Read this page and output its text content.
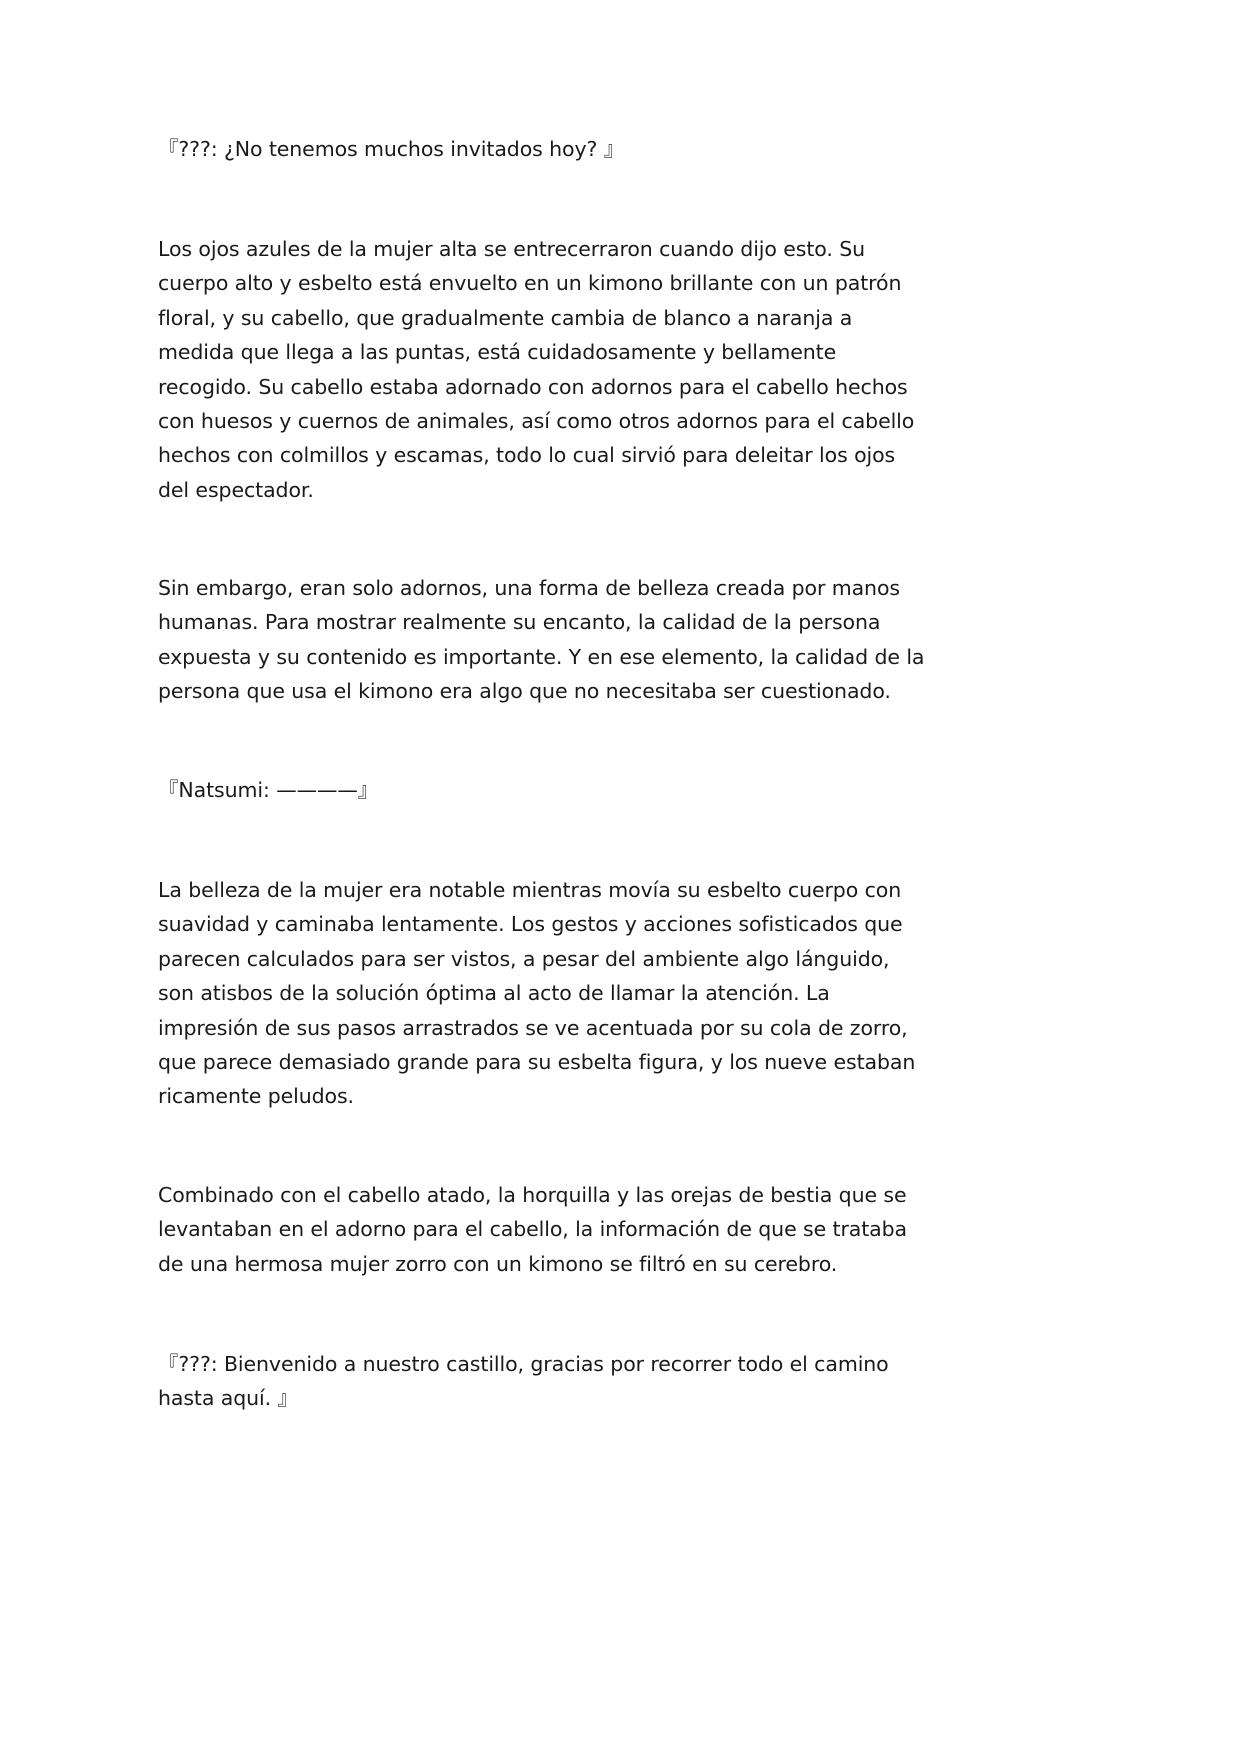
『???: ¿No tenemos muchos invitados hoy? 』

Los ojos azules de la mujer alta se entrecerraron cuando dijo esto. Su
cuerpo alto y esbelto está envuelto en un kimono brillante con un patrón
floral, y su cabello, que gradualmente cambia de blanco a naranja a
medida que llega a las puntas, está cuidadosamente y bellamente
recogido. Su cabello estaba adornado con adornos para el cabello hechos
con huesos y cuernos de animales, así como otros adornos para el cabello
hechos con colmillos y escamas, todo lo cual sirvió para deleitar los ojos
del espectador.

Sin embargo, eran solo adornos, una forma de belleza creada por manos
humanas. Para mostrar realmente su encanto, la calidad de la persona
expuesta y su contenido es importante. Y en ese elemento, la calidad de la
persona que usa el kimono era algo que no necesitaba ser cuestionado.

『Natsumi: ————』

La belleza de la mujer era notable mientras movía su esbelto cuerpo con
suavidad y caminaba lentamente. Los gestos y acciones sofisticados que
parecen calculados para ser vistos, a pesar del ambiente algo lánguido,
son atisbos de la solución óptima al acto de llamar la atención. La
impresión de sus pasos arrastrados se ve acentuada por su cola de zorro,
que parece demasiado grande para su esbelta figura, y los nueve estaban
ricamente peludos.

Combinado con el cabello atado, la horquilla y las orejas de bestia que se
levantaban en el adorno para el cabello, la información de que se trataba
de una hermosa mujer zorro con un kimono se filtró en su cerebro.

『???: Bienvenido a nuestro castillo, gracias por recorrer todo el camino
hasta aquí. 』
